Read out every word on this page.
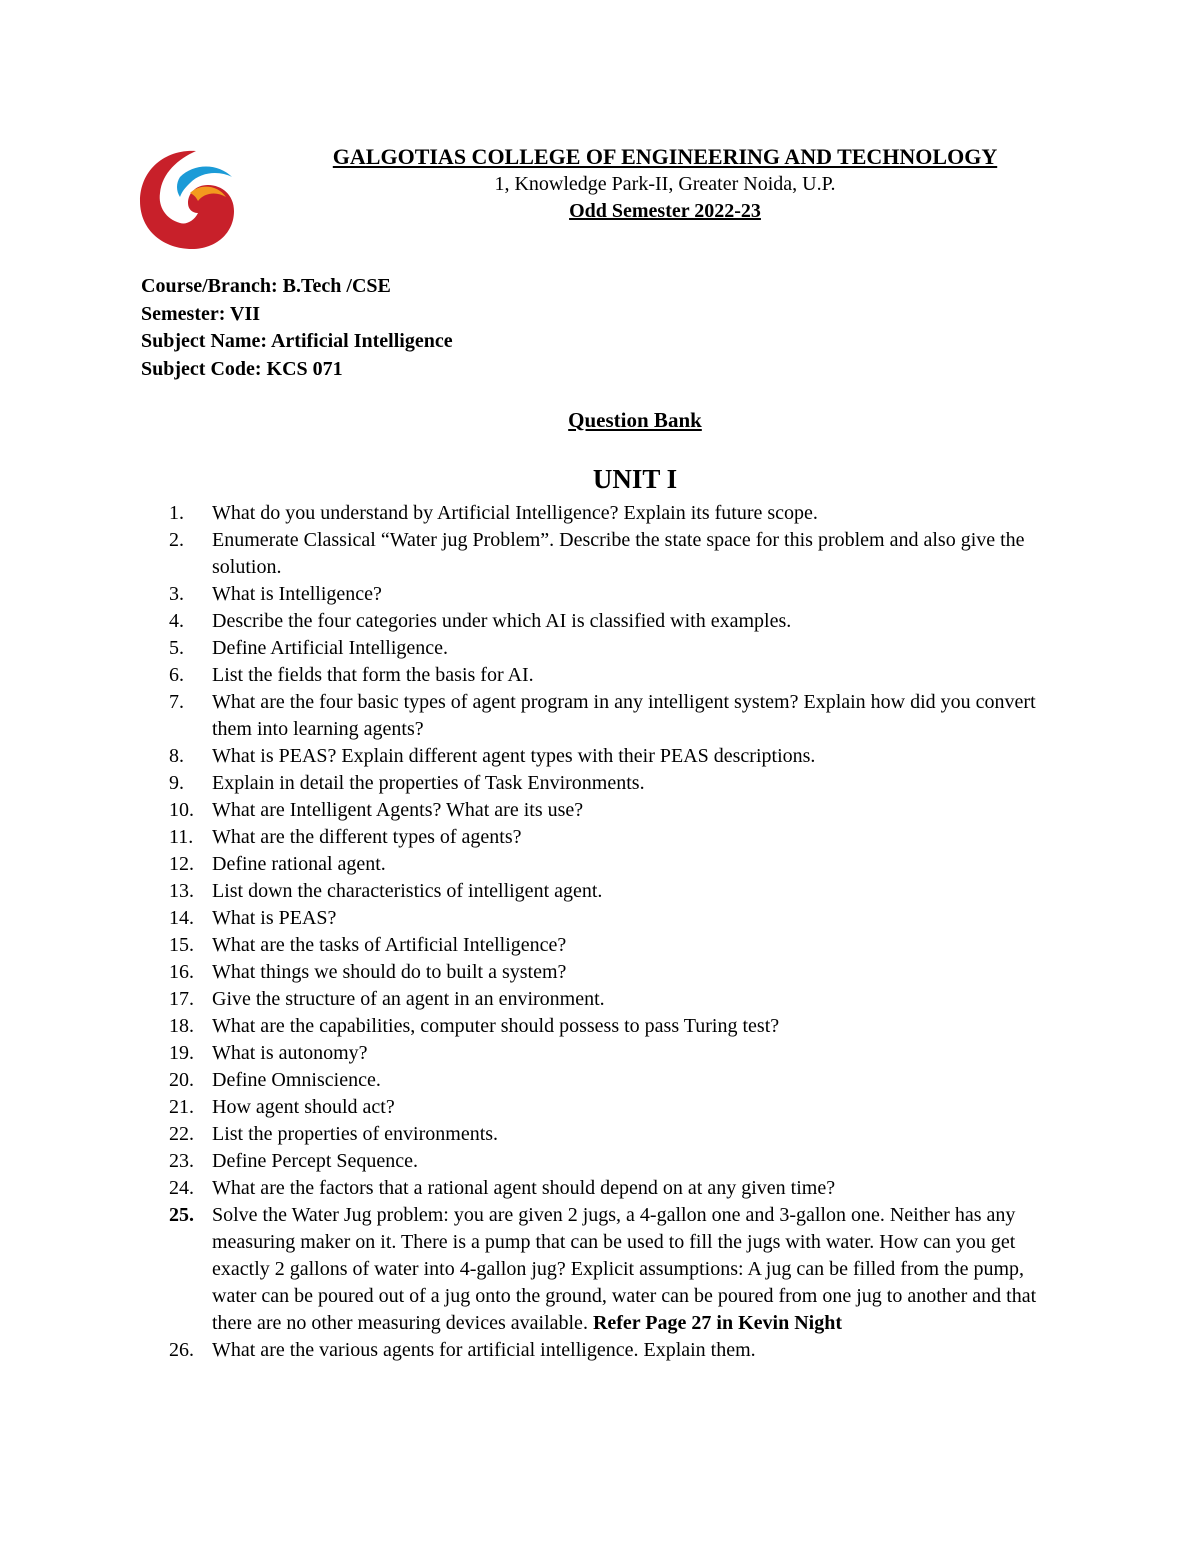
GALGOTIAS COLLEGE OF ENGINEERING AND TECHNOLOGY
1, Knowledge Park-II, Greater Noida, U.P.
Odd Semester 2022-23
Course/Branch: B.Tech /CSE
Semester: VII
Subject Name: Artificial Intelligence
Subject Code: KCS 071
Question Bank
UNIT I
1.	What do you understand by Artificial Intelligence? Explain its future scope.
2.	Enumerate Classical “Water jug Problem”. Describe the state space for this problem and also give the solution.
3.	What is Intelligence?
4.	Describe the four categories under which AI is classified with examples.
5.	Define Artificial Intelligence.
6.	List the fields that form the basis for AI.
7.	What are the four basic types of agent program in any intelligent system? Explain how did you convert them into learning agents?
8.	What is PEAS? Explain different agent types with their PEAS descriptions.
9.	Explain in detail the properties of Task Environments.
10. What are Intelligent Agents? What are its use?
11. What are the different types of agents?
12. Define rational agent.
13. List down the characteristics of intelligent agent.
14. What is PEAS?
15. What are the tasks of Artificial Intelligence?
16. What things we should do to built a system?
17. Give the structure of an agent in an environment.
18. What are the capabilities, computer should possess to pass Turing test?
19. What is autonomy?
20. Define Omniscience.
21. How agent should act?
22. List the properties of environments.
23. Define Percept Sequence.
24. What are the factors that a rational agent should depend on at any given time?
25. Solve the Water Jug problem: you are given 2 jugs, a 4-gallon one and 3-gallon one. Neither has any measuring maker on it. There is a pump that can be used to fill the jugs with water. How can you get exactly 2 gallons of water into 4-gallon jug? Explicit assumptions: A jug can be filled from the pump, water can be poured out of a jug onto the ground, water can be poured from one jug to another and that there are no other measuring devices available. Refer Page 27 in Kevin Night
26. What are the various agents for artificial intelligence. Explain them.
